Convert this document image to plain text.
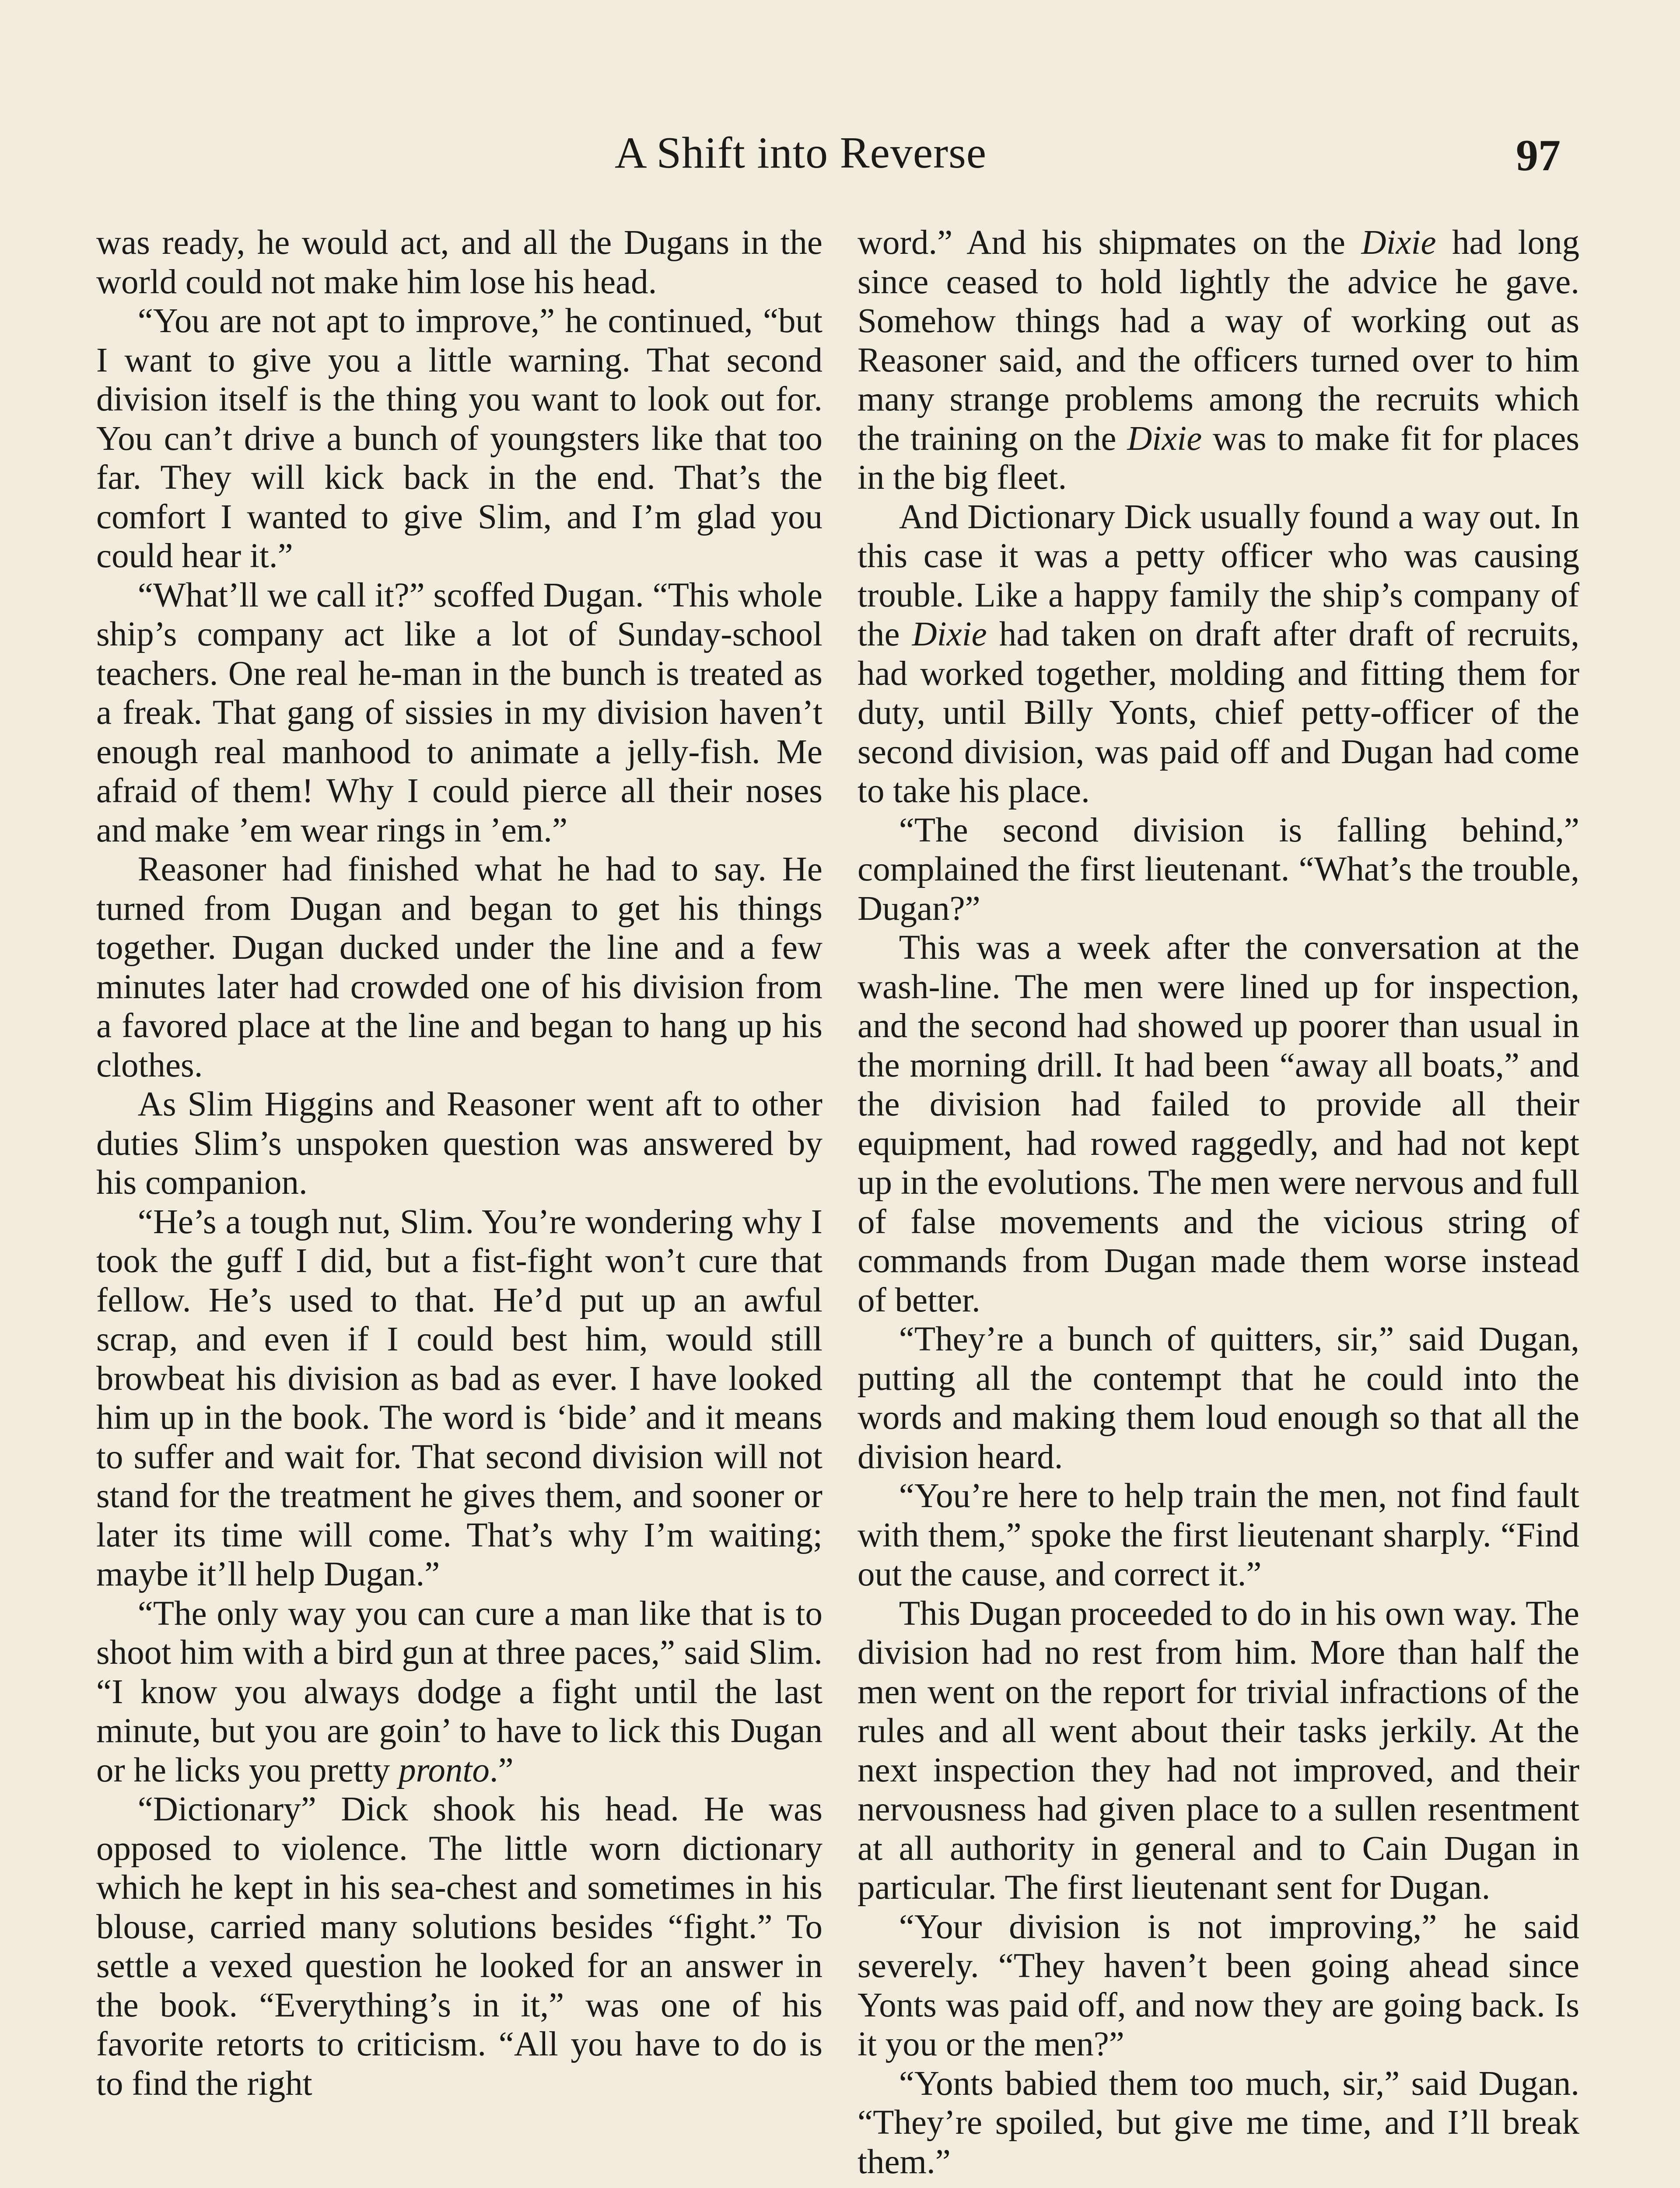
A Shift into Reverse	97

was ready, he would act, and all the Dugans in the world could not make him lose his head.

“You are not apt to improve,” he continued, “but I want to give you a little warning. That second division itself is the thing you want to look out for. You can’t drive a bunch of youngsters like that too far. They will kick back in the end. That’s the comfort I wanted to give Slim, and I’m glad you could hear it.”

“What’ll we call it?” scoffed Dugan. “This whole ship’s company act like a lot of Sunday-school teachers. One real he-man in the bunch is treated as a freak. That gang of sissies in my division haven’t enough real manhood to animate a jelly-fish. Me afraid of them! Why I could pierce all their noses and make ’em wear rings in ’em.”

Reasoner had finished what he had to say. He turned from Dugan and began to get his things together. Dugan ducked under the line and a few minutes later had crowded one of his division from a favored place at the line and began to hang up his clothes.

As Slim Higgins and Reasoner went aft to other duties Slim’s unspoken question was answered by his companion.

“He’s a tough nut, Slim. You’re wondering why I took the guff I did, but a fist-fight won’t cure that fellow. He’s used to that. He’d put up an awful scrap, and even if I could best him, would still browbeat his division as bad as ever. I have looked him up in the book. The word is ‘bide’ and it means to suffer and wait for. That second division will not stand for the treatment he gives them, and sooner or later its time will come. That’s why I’m waiting; maybe it’ll help Dugan.”

“The only way you can cure a man like that is to shoot him with a bird gun at three paces,” said Slim. “I know you always dodge a fight until the last minute, but you are goin’ to have to lick this Dugan or he licks you pretty pronto.”

“Dictionary” Dick shook his head. He was opposed to violence. The little worn dictionary which he kept in his sea-chest and sometimes in his blouse, carried many solutions besides “fight.” To settle a vexed question he looked for an answer in the book. “Everything’s in it,” was one of his favorite retorts to criticism. “All you have to do is to find the right

word.” And his shipmates on the Dixie had long since ceased to hold lightly the advice he gave. Somehow things had a way of working out as Reasoner said, and the officers turned over to him many strange problems among the recruits which the training on the Dixie was to make fit for places in the big fleet.

And Dictionary Dick usually found a way out. In this case it was a petty officer who was causing trouble. Like a happy family the ship’s company of the Dixie had taken on draft after draft of recruits, had worked together, molding and fitting them for duty, until Billy Yonts, chief petty-officer of the second division, was paid off and Dugan had come to take his place.

“The second division is falling behind,” complained the first lieutenant. “What’s the trouble, Dugan?”

This was a week after the conversation at the wash-line. The men were lined up for inspection, and the second had showed up poorer than usual in the morning drill. It had been “away all boats,” and the division had failed to provide all their equipment, had rowed raggedly, and had not kept up in the evolutions. The men were nervous and full of false movements and the vicious string of commands from Dugan made them worse instead of better.

“They’re a bunch of quitters, sir,” said Dugan, putting all the contempt that he could into the words and making them loud enough so that all the division heard.

“You’re here to help train the men, not find fault with them,” spoke the first lieutenant sharply. “Find out the cause, and correct it.”

This Dugan proceeded to do in his own way. The division had no rest from him. More than half the men went on the report for trivial infractions of the rules and all went about their tasks jerkily. At the next inspection they had not improved, and their nervousness had given place to a sullen resentment at all authority in general and to Cain Dugan in particular. The first lieutenant sent for Dugan.

“Your division is not improving,” he said severely. “They haven’t been going ahead since Yonts was paid off, and now they are going back. Is it you or the men?”

“Yonts babied them too much, sir,” said Dugan. “They’re spoiled, but give me time, and I’ll break them.”
